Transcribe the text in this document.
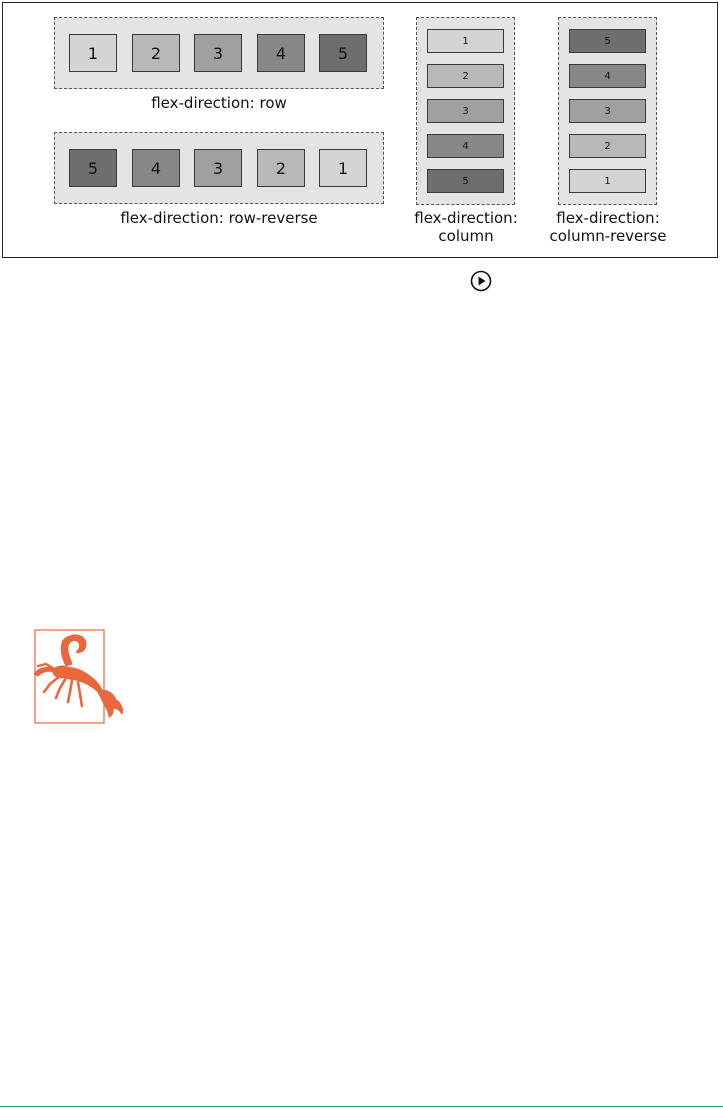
1	2	3	4	5
flex-direction: row
5	4	3	2	1
flex-direction: row-reverse
1
2
3
4
5
flex-direction:
column
5
4
3
2
1
flex-direction:
column-reverse
